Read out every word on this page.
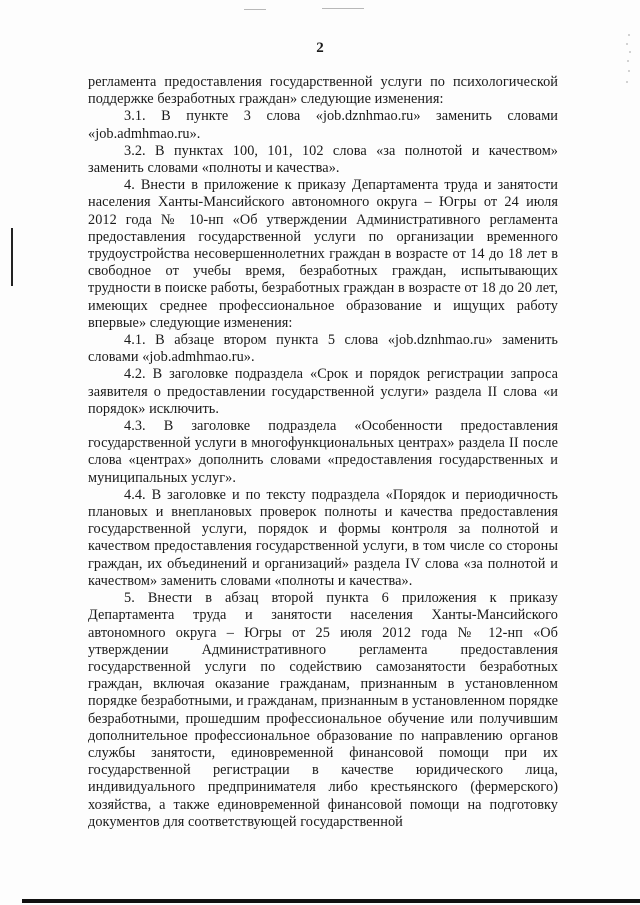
2

регламента предоставления государственной услуги по психологической поддержке безработных граждан» следующие изменения:

3.1. В пункте 3 слова «job.dznhmao.ru» заменить словами «job.admhmao.ru».

3.2. В пунктах 100, 101, 102 слова «за полнотой и качеством» заменить словами «полноты и качества».

4. Внести в приложение к приказу Департамента труда и занятости населения Ханты-Мансийского автономного округа – Югры от 24 июля 2012 года № 10-нп «Об утверждении Административного регламента предоставления государственной услуги по организации временного трудоустройства несовершеннолетних граждан в возрасте от 14 до 18 лет в свободное от учебы время, безработных граждан, испытывающих трудности в поиске работы, безработных граждан в возрасте от 18 до 20 лет, имеющих среднее профессиональное образование и ищущих работу впервые» следующие изменения:

4.1. В абзаце втором пункта 5 слова «job.dznhmao.ru» заменить словами «job.admhmao.ru».

4.2. В заголовке подраздела «Срок и порядок регистрации запроса заявителя о предоставлении государственной услуги» раздела II слова «и порядок» исключить.

4.3. В заголовке подраздела «Особенности предоставления государственной услуги в многофункциональных центрах» раздела II после слова «центрах» дополнить словами «предоставления государственных и муниципальных услуг».

4.4. В заголовке и по тексту подраздела «Порядок и периодичность плановых и внеплановых проверок полноты и качества предоставления государственной услуги, порядок и формы контроля за полнотой и качеством предоставления государственной услуги, в том числе со стороны граждан, их объединений и организаций» раздела IV слова «за полнотой и качеством» заменить словами «полноты и качества».

5. Внести в абзац второй пункта 6 приложения к приказу Департамента труда и занятости населения Ханты-Мансийского автономного округа – Югры от 25 июля 2012 года № 12-нп «Об утверждении Административного регламента предоставления государственной услуги по содействию самозанятости безработных граждан, включая оказание гражданам, признанным в установленном порядке безработными, и гражданам, признанным в установленном порядке безработными, прошедшим профессиональное обучение или получившим дополнительное профессиональное образование по направлению органов службы занятости, единовременной финансовой помощи при их государственной регистрации в качестве юридического лица, индивидуального предпринимателя либо крестьянского (фермерского) хозяйства, а также единовременной финансовой помощи на подготовку документов для соответствующей государственной
